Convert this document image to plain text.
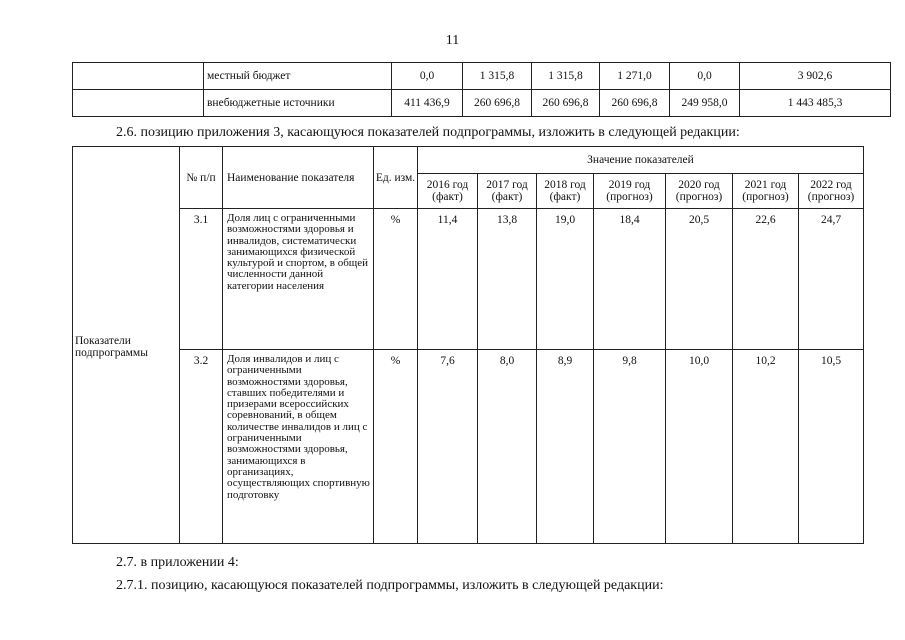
11
	местный бюджет	0,0	1 315,8	1 315,8	1 271,0	0,0	3 902,6
	внебюджетные источники	411 436,9	260 696,8	260 696,8	260 696,8	249 958,0	1 443 485,3
2.6. позицию приложения 3, касающуюся показателей подпрограммы, изложить в следующей редакции:
Показатели подпрограммы	№ п/п	Наименование показателя	Ед. изм.	Значение показателей						
				2016 год (факт)	2017 год (факт)	2018 год (факт)	2019 год (прогноз)	2020 год (прогноз)	2021 год (прогноз)	2022 год (прогноз)
	3.1	Доля лиц с ограниченными возможностями здоровья и инвалидов, систематически занимающихся физической культурой и спортом, в общей численности данной категории населения	%	11,4	13,8	19,0	18,4	20,5	22,6	24,7
	3.2	Доля инвалидов и лиц с ограниченными возможностями здоровья, ставших победителями и призерами всероссийских соревнований, в общем количестве инвалидов и лиц с ограниченными возможностями здоровья, занимающихся в организациях, осуществляющих спортивную подготовку	%	7,6	8,0	8,9	9,8	10,0	10,2	10,5
2.7. в приложении 4:
2.7.1. позицию, касающуюся показателей подпрограммы, изложить в следующей редакции:
